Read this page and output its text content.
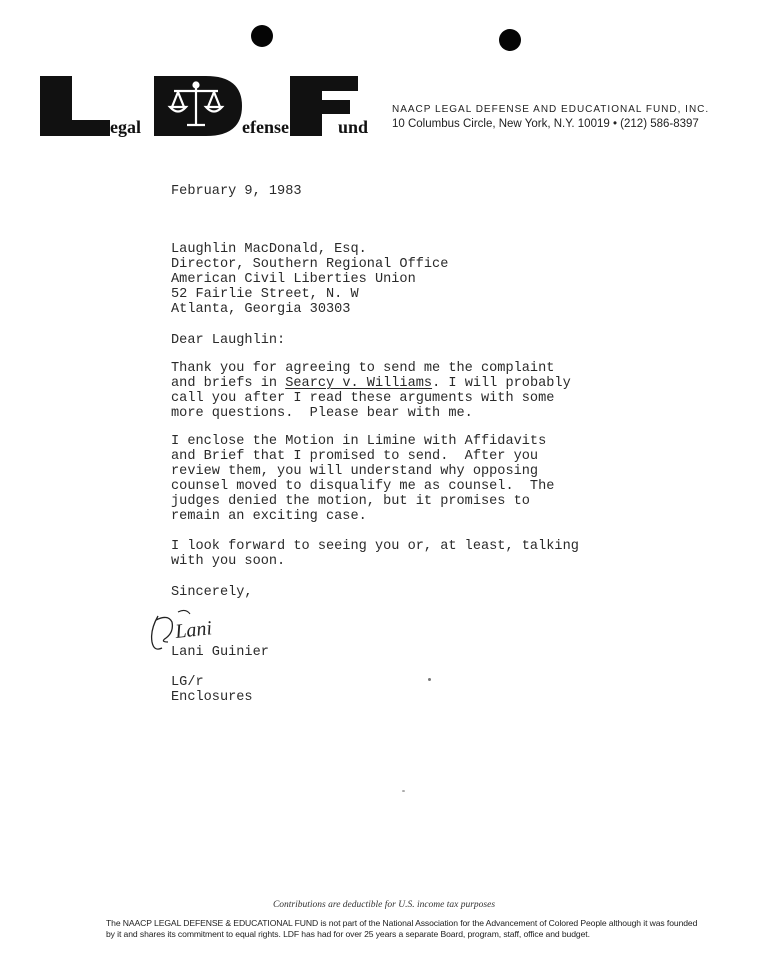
egal	efense	und
NAACP LEGAL DEFENSE AND EDUCATIONAL FUND, INC.
10 Columbus Circle, New York, N.Y. 10019 • (212) 586-8397
February 9, 1983
Laughlin MacDonald, Esq.
Director, Southern Regional Office
American Civil Liberties Union
52 Fairlie Street, N. W
Atlanta, Georgia 30303
Dear Laughlin:
Thank you for agreeing to send me the complaint
and briefs in Searcy v. Williams. I will probably
call you after I read these arguments with some
more questions.  Please bear with me.
I enclose the Motion in Limine with Affidavits
and Brief that I promised to send.  After you
review them, you will understand why opposing
counsel moved to disqualify me as counsel.  The
judges denied the motion, but it promises to
remain an exciting case.
I look forward to seeing you or, at least, talking
with you soon.
Sincerely,
Lani
Lani Guinier
LG/r
Enclosures
Contributions are deductible for U.S. income tax purposes
The NAACP LEGAL DEFENSE & EDUCATIONAL FUND is not part of the National Association for the Advancement of Colored People although it was founded by it and shares its commitment to equal rights. LDF has had for over 25 years a separate Board, program, staff, office and budget.
